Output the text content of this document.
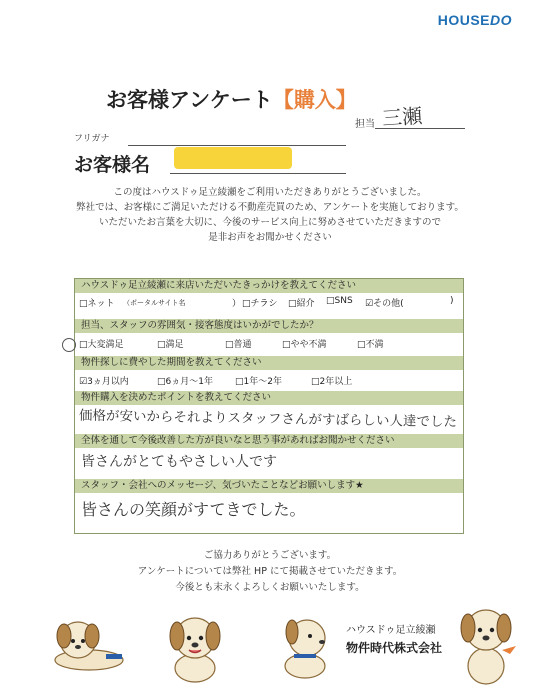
HOUSEDO
お客様アンケート【購入】
担当 三瀬
フリガナ
お客様名
この度はハウスドゥ足立綾瀬をご利用いただきありがとうございました。
弊社では、お客様にご満足いただける不動産売買のため、アンケートを実施しております。
いただいたお言葉を大切に、今後のサービス向上に努めさせていただきますので
是非お声をお聞かせください
ハウスドゥ足立綾瀬に来店いただいたきっかけを教えてください
□ネット （ポータルサイト名	） □チラシ □紹介 □SNS ☑その他(	)
担当、スタッフの雰囲気・接客態度はいかがでしたか？
□大変満足	□満足	□普通	□やや不満	□不満
物件探しに費やした期間を教えてください
☑3ヵ月以内	□6ヵ月〜1年 □1年〜2年	□2年以上
物件購入を決めたポイントを教えてください
価格が安いからそれよりスタッフさんがすばらしい人達でした
全体を通して今後改善した方が良いなと思う事があればお聞かせください
皆さんがとてもやさしい人です
スタッフ・会社へのメッセージ、気づいたことなどお願いします★
皆さんの笑顔がすてきでした。
ご協力ありがとうございます。
アンケートについては弊社 HP にて掲載させていただきます。
今後とも末永くよろしくお願いいたします。
ハウスドゥ足立綾瀬
物件時代株式会社
